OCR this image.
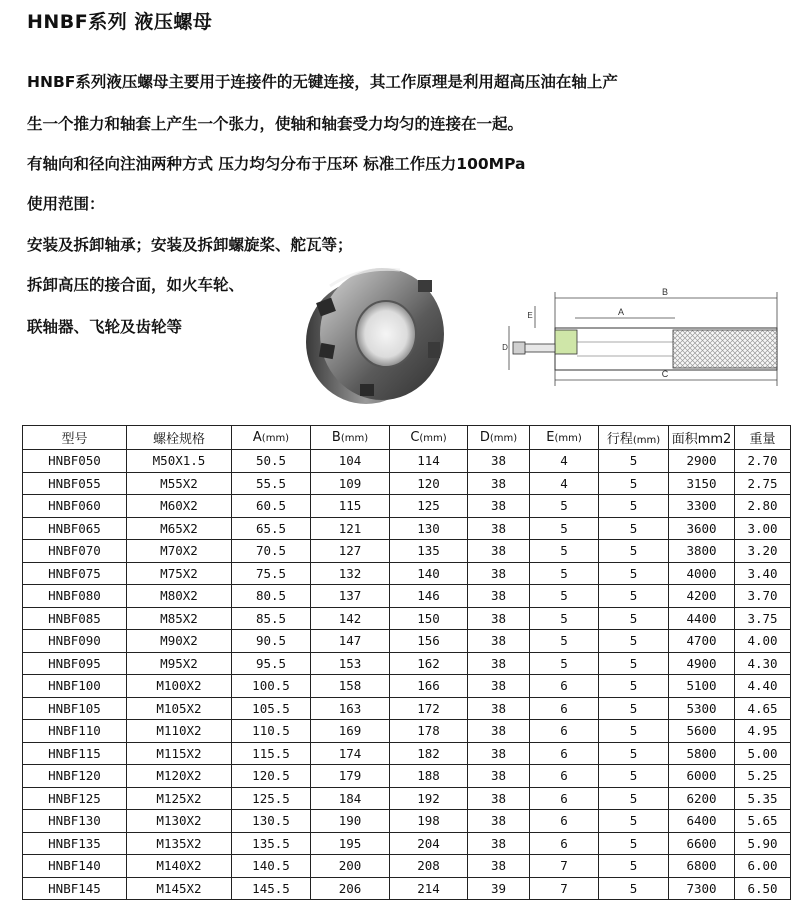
HNBF系列 液压螺母
HNBF系列液压螺母主要用于连接件的无键连接，其工作原理是利用超高压油在轴上产
生一个推力和轴套上产生一个张力，使轴和轴套受力均匀的连接在一起。
有轴向和径向注油两种方式 压力均匀分布于压环 标准工作压力100MPa
使用范围：
安装及拆卸轴承；安装及拆卸螺旋桨、舵瓦等；
拆卸高压的接合面，如火车轮、
联轴器、飞轮及齿轮等
B
A
D
E
C
型号	螺栓规格	A(mm)	B(mm)	C(mm)	D(mm)	E(mm)	行程(mm)	面积mm2	重量
HNBF050	M50X1.5	50.5	104	114	38	4	5	2900	2.70
HNBF055	M55X2	55.5	109	120	38	4	5	3150	2.75
HNBF060	M60X2	60.5	115	125	38	5	5	3300	2.80
HNBF065	M65X2	65.5	121	130	38	5	5	3600	3.00
HNBF070	M70X2	70.5	127	135	38	5	5	3800	3.20
HNBF075	M75X2	75.5	132	140	38	5	5	4000	3.40
HNBF080	M80X2	80.5	137	146	38	5	5	4200	3.70
HNBF085	M85X2	85.5	142	150	38	5	5	4400	3.75
HNBF090	M90X2	90.5	147	156	38	5	5	4700	4.00
HNBF095	M95X2	95.5	153	162	38	5	5	4900	4.30
HNBF100	M100X2	100.5	158	166	38	6	5	5100	4.40
HNBF105	M105X2	105.5	163	172	38	6	5	5300	4.65
HNBF110	M110X2	110.5	169	178	38	6	5	5600	4.95
HNBF115	M115X2	115.5	174	182	38	6	5	5800	5.00
HNBF120	M120X2	120.5	179	188	38	6	5	6000	5.25
HNBF125	M125X2	125.5	184	192	38	6	5	6200	5.35
HNBF130	M130X2	130.5	190	198	38	6	5	6400	5.65
HNBF135	M135X2	135.5	195	204	38	6	5	6600	5.90
HNBF140	M140X2	140.5	200	208	38	7	5	6800	6.00
HNBF145	M145X2	145.5	206	214	39	7	5	7300	6.50
